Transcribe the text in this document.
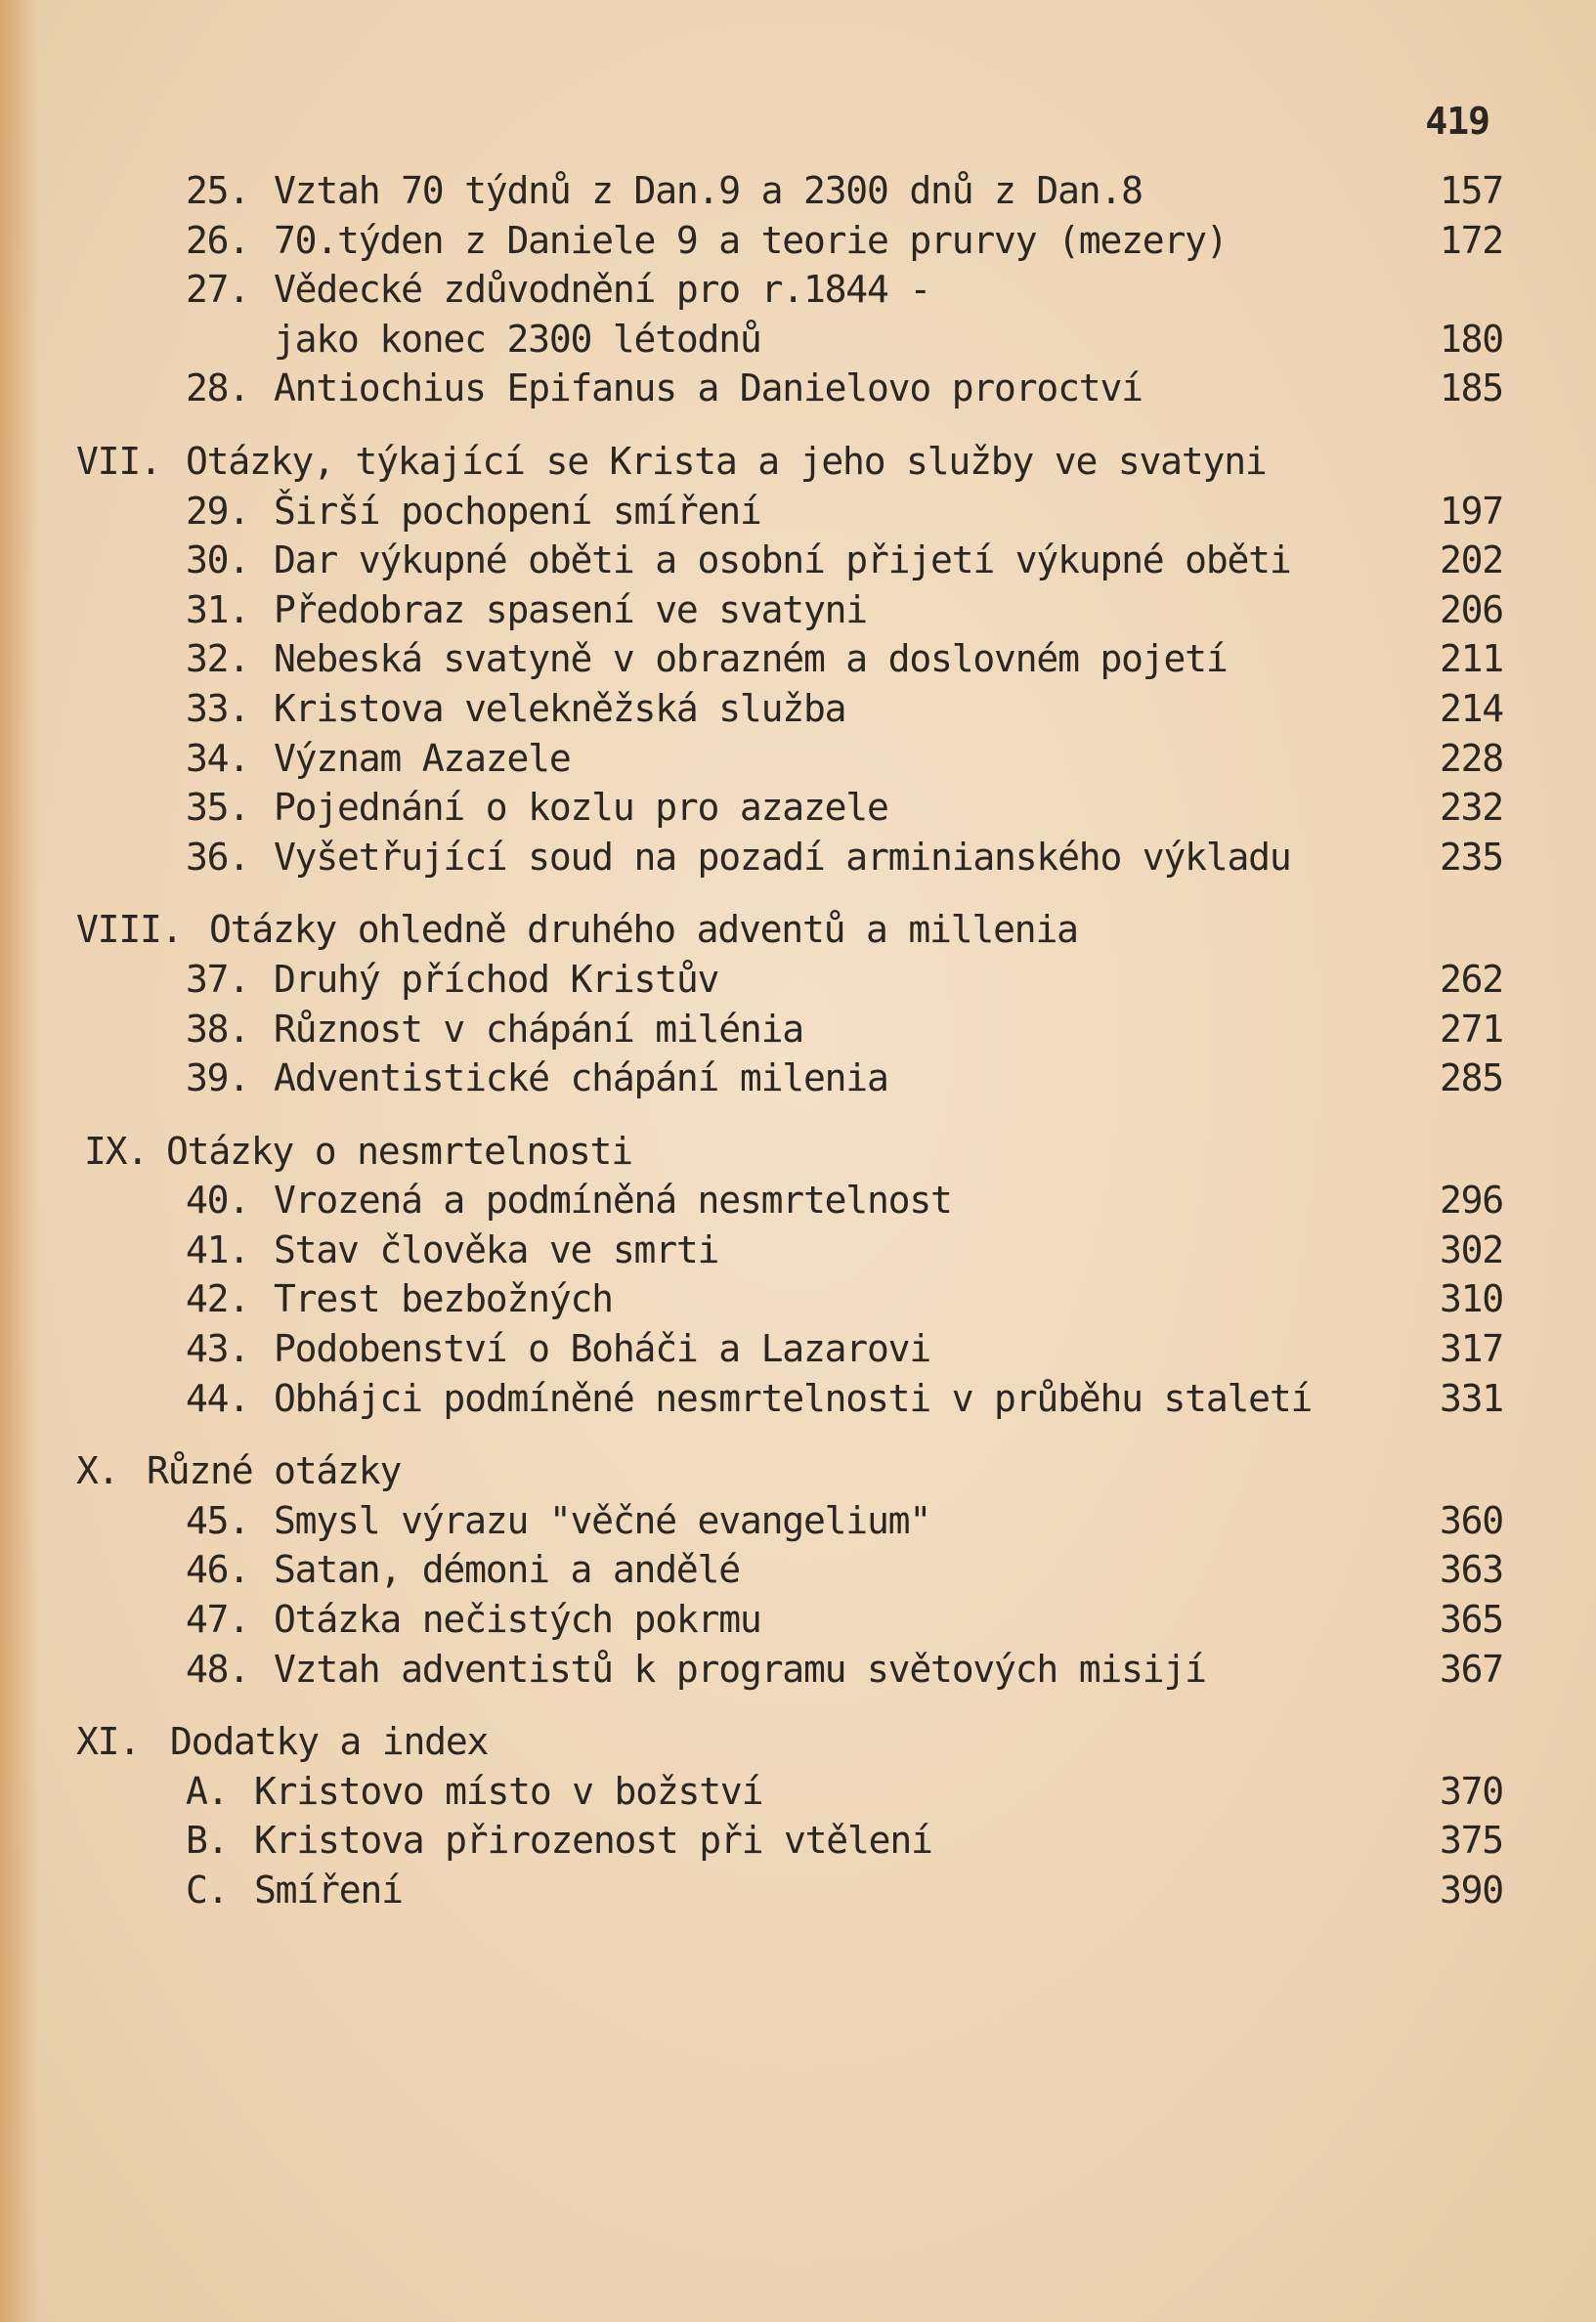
419
25. Vztah 70 týdnů z Dan.9 a 2300 dnů z Dan.8	157
26. 70.týden z Daniele 9 a teorie prurvy (mezery)	172
27. Vědecké zdůvodnění pro r.1844 -
jako konec 2300 létodnů	180
28. Antiochius Epifanus a Danielovo proroctví	185
VII. Otázky, týkající se Krista a jeho služby ve svatyni
29. Širší pochopení smíření	197
30. Dar výkupné oběti a osobní přijetí výkupné oběti	202
31. Předobraz spasení ve svatyni	206
32. Nebeská svatyně v obrazném a doslovném pojetí	211
33. Kristova velekněžská služba	214
34. Význam Azazele	228
35. Pojednání o kozlu pro azazele	232
36. Vyšetřující soud na pozadí arminianského výkladu	235
VIII. Otázky ohledně druhého adventů a millenia
37. Druhý příchod Kristův	262
38. Různost v chápání milénia	271
39. Adventistické chápání milenia	285
IX. Otázky o nesmrtelnosti
40. Vrozená a podmíněná nesmrtelnost	296
41. Stav člověka ve smrti	302
42. Trest bezbožných	310
43. Podobenství o Boháči a Lazarovi	317
44. Obhájci podmíněné nesmrtelnosti v průběhu staletí	331
X. Různé otázky
45. Smysl výrazu "věčné evangelium"	360
46. Satan, démoni a andělé	363
47. Otázka nečistých pokrmu	365
48. Vztah adventistů k programu světových misijí	367
XI. Dodatky a index
A. Kristovo místo v božství	370
B. Kristova přirozenost při vtělení	375
C. Smíření	390
